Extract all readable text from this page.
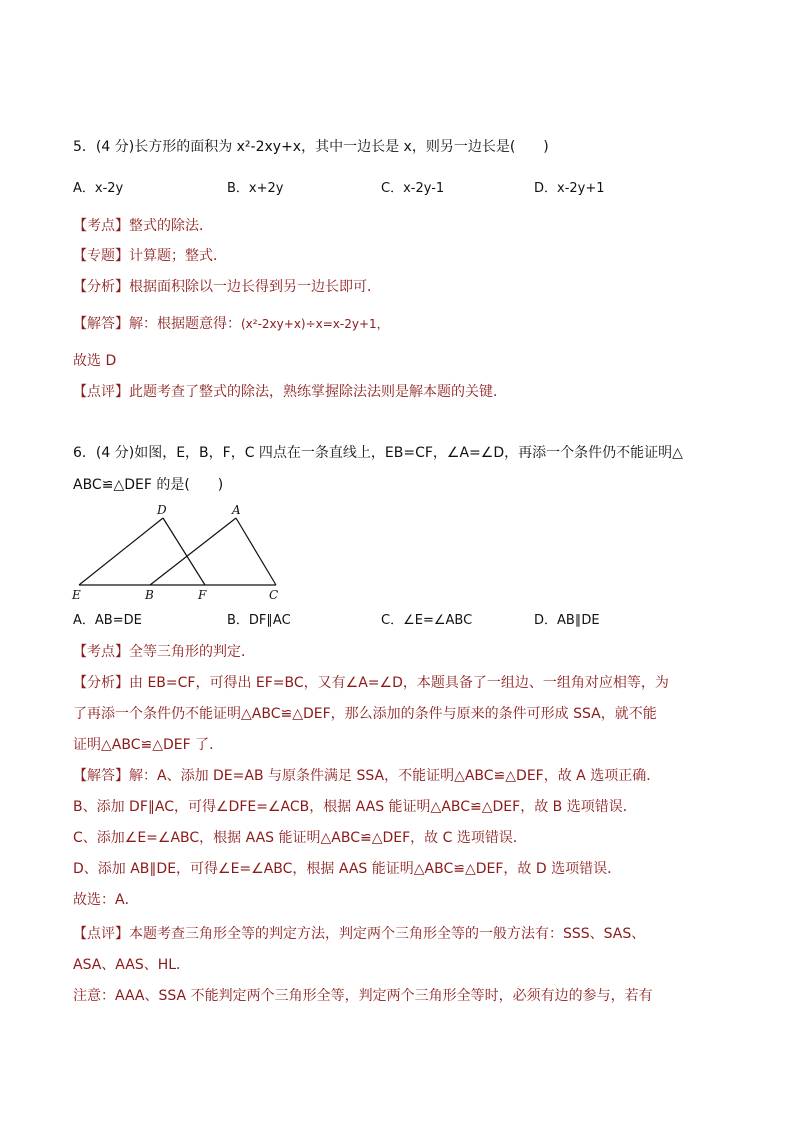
5．(4 分)长方形的面积为 x²-2xy+x，其中一边长是 x，则另一边长是(　　)
A．x-2y	B．x+2y	C．x-2y-1	D．x-2y+1
【考点】整式的除法．
【专题】计算题；整式．
【分析】根据面积除以一边长得到另一边长即可．
【解答】解：根据题意得：(x²-2xy+x)÷x=x-2y+1，
故选 D
【点评】此题考查了整式的除法，熟练掌握除法法则是解本题的关键．
6．(4 分)如图，E，B，F，C 四点在一条直线上，EB=CF，∠A=∠D，再添一个条件仍不能证明△
ABC≌△DEF 的是(　　)
D	A
E	B	F	C
A．AB=DE	B．DF∥AC	C．∠E=∠ABC	D．AB∥DE
【考点】全等三角形的判定．
【分析】由 EB=CF，可得出 EF=BC，又有∠A=∠D，本题具备了一组边、一组角对应相等，为
了再添一个条件仍不能证明△ABC≌△DEF，那么添加的条件与原来的条件可形成 SSA，就不能
证明△ABC≌△DEF 了．
【解答】解：A、添加 DE=AB 与原条件满足 SSA，不能证明△ABC≌△DEF，故 A 选项正确．
B、添加 DF∥AC，可得∠DFE=∠ACB，根据 AAS 能证明△ABC≌△DEF，故 B 选项错误．
C、添加∠E=∠ABC，根据 AAS 能证明△ABC≌△DEF，故 C 选项错误．
D、添加 AB∥DE，可得∠E=∠ABC，根据 AAS 能证明△ABC≌△DEF，故 D 选项错误．
故选：A．
【点评】本题考查三角形全等的判定方法，判定两个三角形全等的一般方法有：SSS、SAS、
ASA、AAS、HL．
注意：AAA、SSA 不能判定两个三角形全等，判定两个三角形全等时，必须有边的参与，若有
